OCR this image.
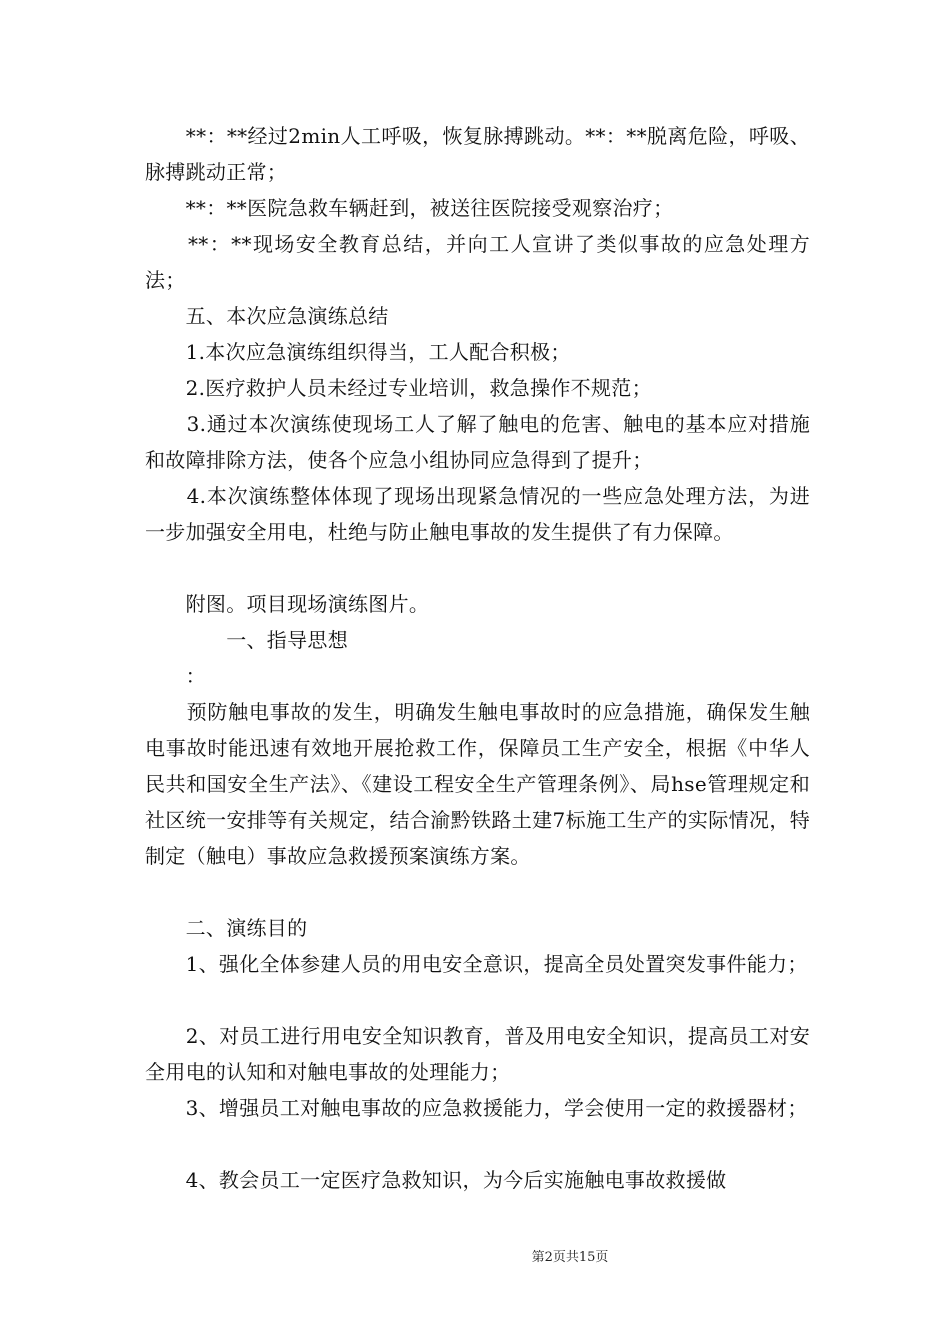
　　**：**经过2min人工呼吸，恢复脉搏跳动。**：**脱离危险，呼吸、脉搏跳动正常；

　　**：**医院急救车辆赶到，被送往医院接受观察治疗；

　　**：**现场安全教育总结，并向工人宣讲了类似事故的应急处理方法；

　　五、本次应急演练总结

　　1.本次应急演练组织得当，工人配合积极；

　　2.医疗救护人员未经过专业培训，救急操作不规范；

　　3.通过本次演练使现场工人了解了触电的危害、触电的基本应对措施和故障排除方法，使各个应急小组协同应急得到了提升；

　　4.本次演练整体体现了现场出现紧急情况的一些应急处理方法，为进一步加强安全用电，杜绝与防止触电事故的发生提供了有力保障。

　　附图。项目现场演练图片。

　　　　一、指导思想

　　：

　　预防触电事故的发生，明确发生触电事故时的应急措施，确保发生触电事故时能迅速有效地开展抢救工作，保障员工生产安全，根据《中华人民共和国安全生产法》、《建设工程安全生产管理条例》、局hse管理规定和社区统一安排等有关规定，结合渝黔铁路土建7标施工生产的实际情况，特制定（触电）事故应急救援预案演练方案。

　　二、演练目的

　　1、强化全体参建人员的用电安全意识，提高全员处置突发事件能力；

　　2、对员工进行用电安全知识教育，普及用电安全知识，提高员工对安全用电的认知和对触电事故的处理能力；

　　3、增强员工对触电事故的应急救援能力，学会使用一定的救援器材；

　　4、教会员工一定医疗急救知识，为今后实施触电事故救援做

第2页共15页
